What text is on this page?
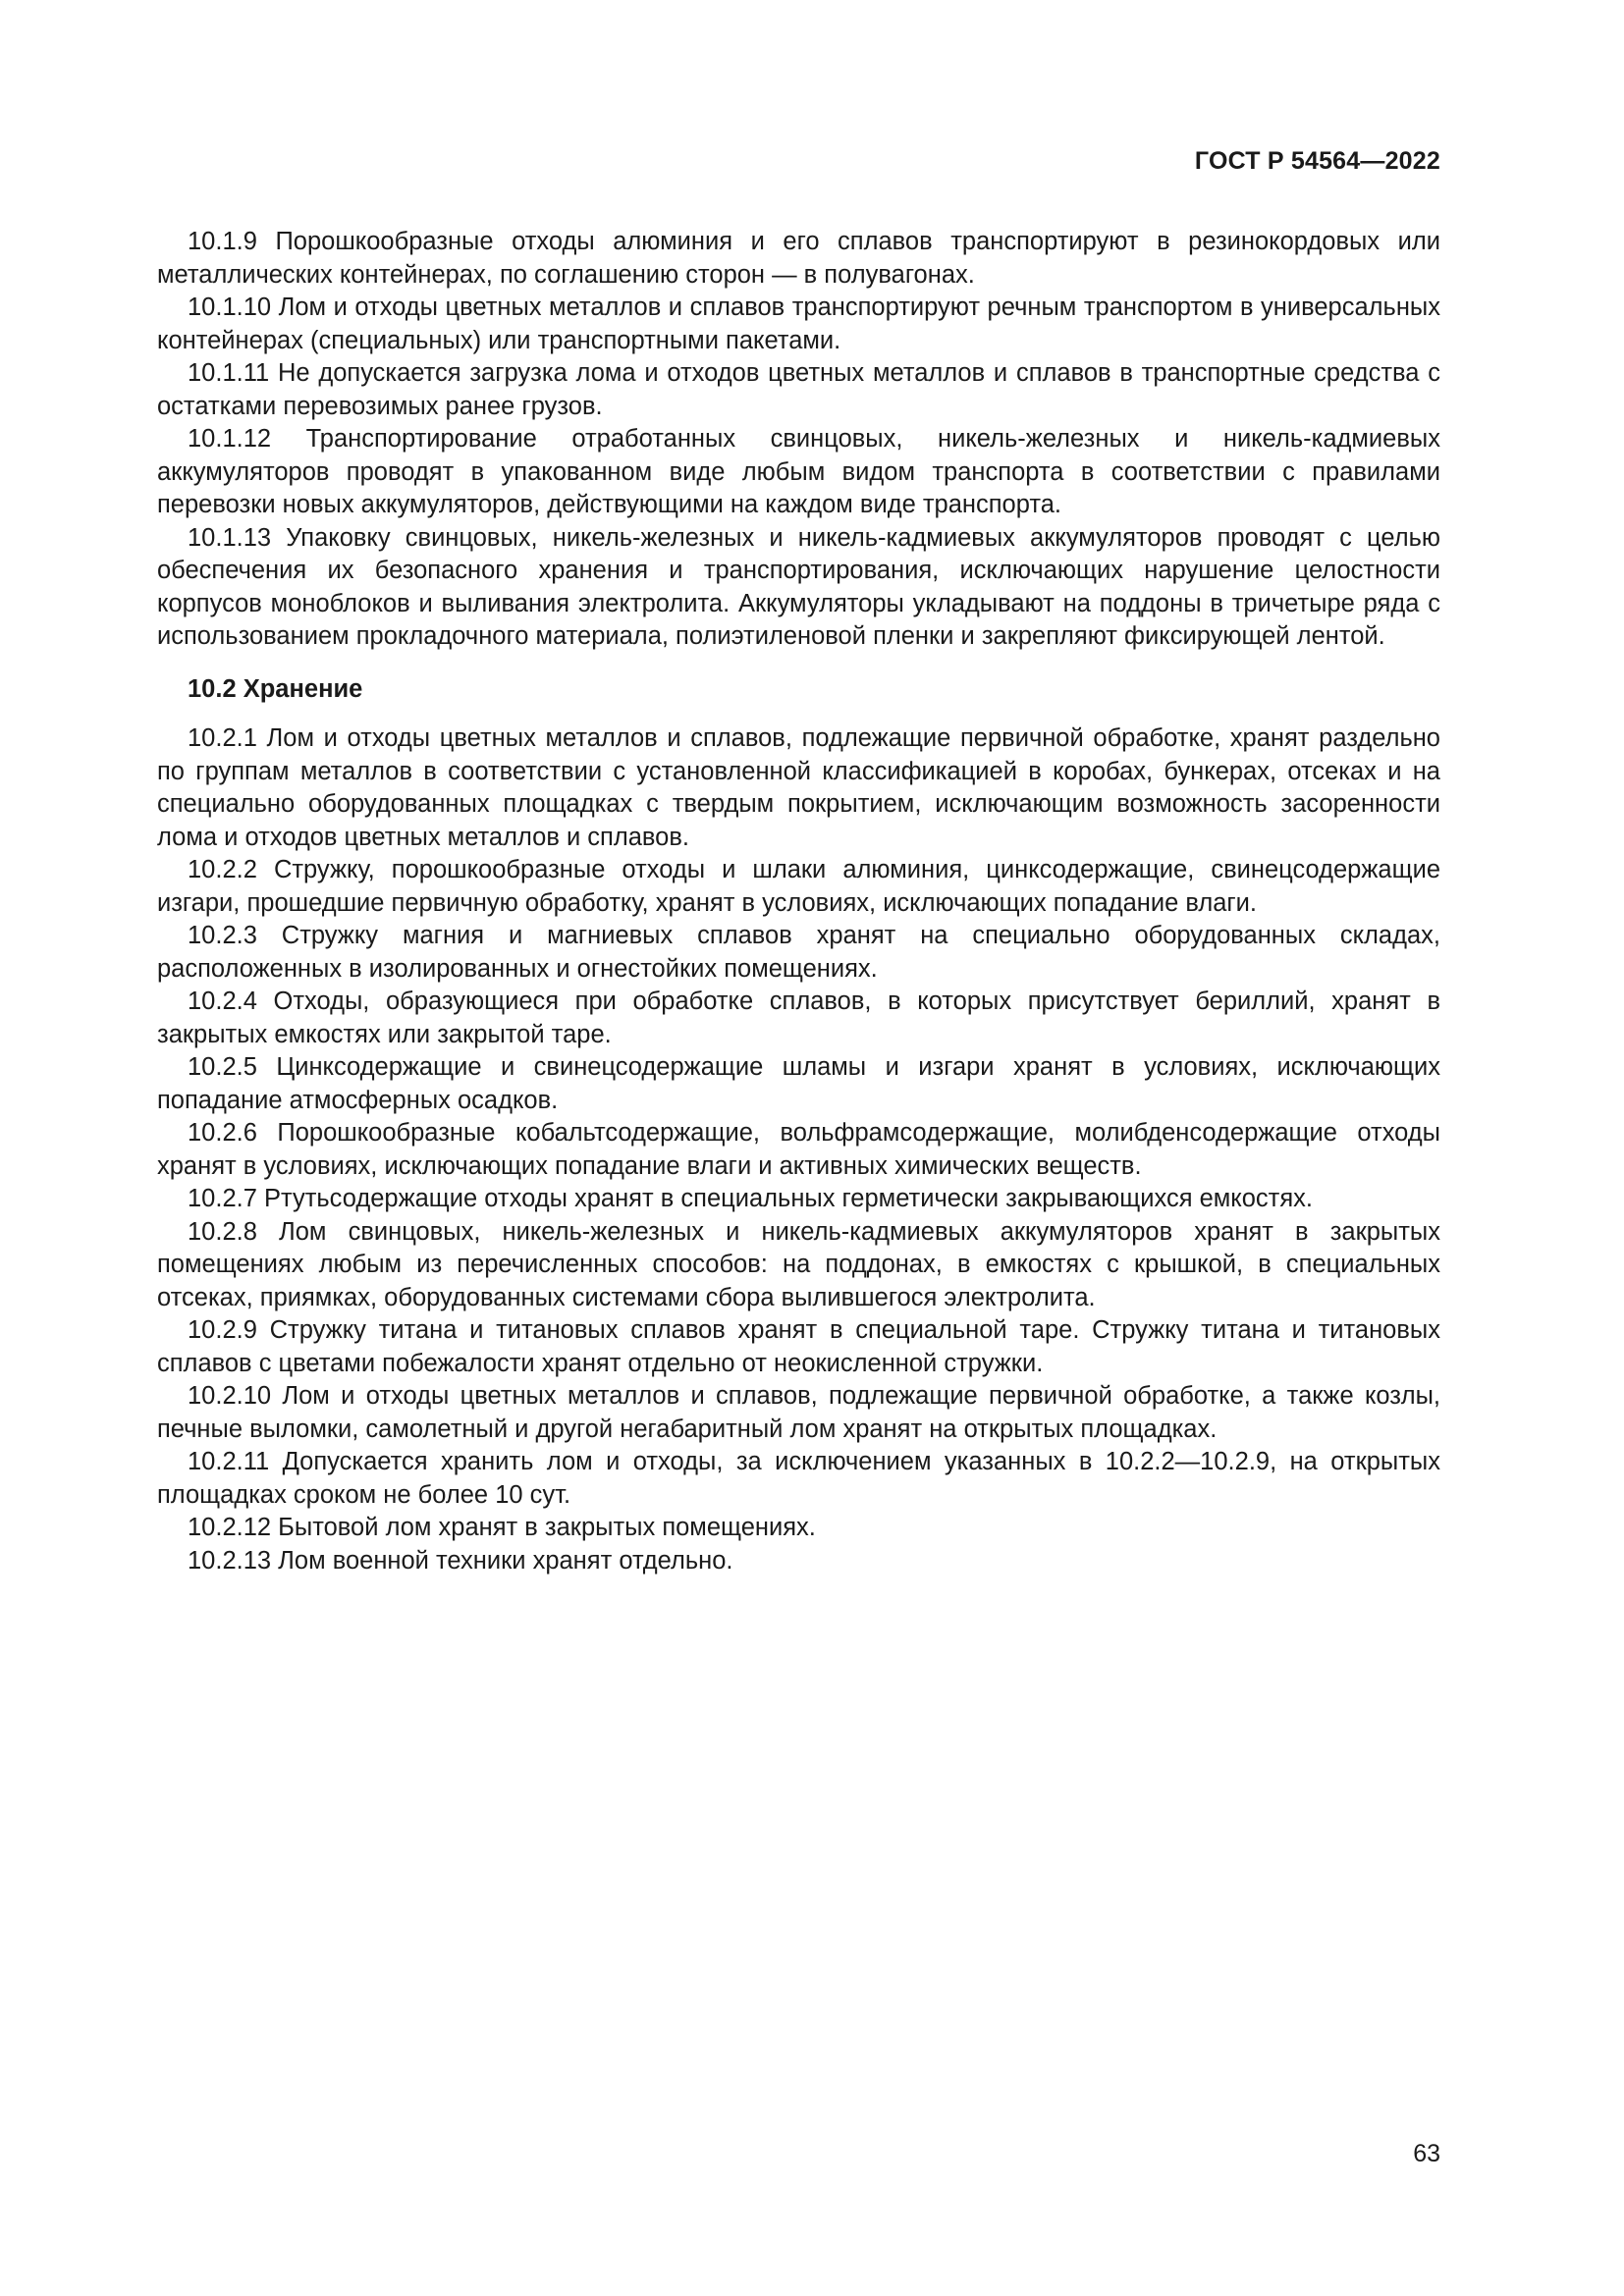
ГОСТ Р 54564—2022

10.1.9 Порошкообразные отходы алюминия и его сплавов транспортируют в резинокордовых или металлических контейнерах, по соглашению сторон — в полувагонах.

10.1.10 Лом и отходы цветных металлов и сплавов транспортируют речным транспортом в универсальных контейнерах (специальных) или транспортными пакетами.

10.1.11 Не допускается загрузка лома и отходов цветных металлов и сплавов в транспортные средства с остатками перевозимых ранее грузов.

10.1.12 Транспортирование отработанных свинцовых, никель-железных и никель-кадмиевых аккумуляторов проводят в упакованном виде любым видом транспорта в соответствии с правилами перевозки новых аккумуляторов, действующими на каждом виде транспорта.

10.1.13 Упаковку свинцовых, никель-железных и никель-кадмиевых аккумуляторов проводят с целью обеспечения их безопасного хранения и транспортирования, исключающих нарушение целостности корпусов моноблоков и выливания электролита. Аккумуляторы укладывают на поддоны в тричетыре ряда с использованием прокладочного материала, полиэтиленовой пленки и закрепляют фиксирующей лентой.

10.2 Хранение

10.2.1 Лом и отходы цветных металлов и сплавов, подлежащие первичной обработке, хранят раздельно по группам металлов в соответствии с установленной классификацией в коробах, бункерах, отсеках и на специально оборудованных площадках с твердым покрытием, исключающим возможность засоренности лома и отходов цветных металлов и сплавов.

10.2.2 Стружку, порошкообразные отходы и шлаки алюминия, цинксодержащие, свинецсодержащие изгари, прошедшие первичную обработку, хранят в условиях, исключающих попадание влаги.

10.2.3 Стружку магния и магниевых сплавов хранят на специально оборудованных складах, расположенных в изолированных и огнестойких помещениях.

10.2.4 Отходы, образующиеся при обработке сплавов, в которых присутствует бериллий, хранят в закрытых емкостях или закрытой таре.

10.2.5 Цинксодержащие и свинецсодержащие шламы и изгари хранят в условиях, исключающих попадание атмосферных осадков.

10.2.6 Порошкообразные кобальтсодержащие, вольфрамсодержащие, молибденсодержащие отходы хранят в условиях, исключающих попадание влаги и активных химических веществ.

10.2.7 Ртутьсодержащие отходы хранят в специальных герметически закрывающихся емкостях.

10.2.8 Лом свинцовых, никель-железных и никель-кадмиевых аккумуляторов хранят в закрытых помещениях любым из перечисленных способов: на поддонах, в емкостях с крышкой, в специальных отсеках, приямках, оборудованных системами сбора вылившегося электролита.

10.2.9 Стружку титана и титановых сплавов хранят в специальной таре. Стружку титана и титановых сплавов с цветами побежалости хранят отдельно от неокисленной стружки.

10.2.10 Лом и отходы цветных металлов и сплавов, подлежащие первичной обработке, а также козлы, печные выломки, самолетный и другой негабаритный лом хранят на открытых площадках.

10.2.11 Допускается хранить лом и отходы, за исключением указанных в 10.2.2—10.2.9, на открытых площадках сроком не более 10 сут.

10.2.12 Бытовой лом хранят в закрытых помещениях.

10.2.13 Лом военной техники хранят отдельно.

63
